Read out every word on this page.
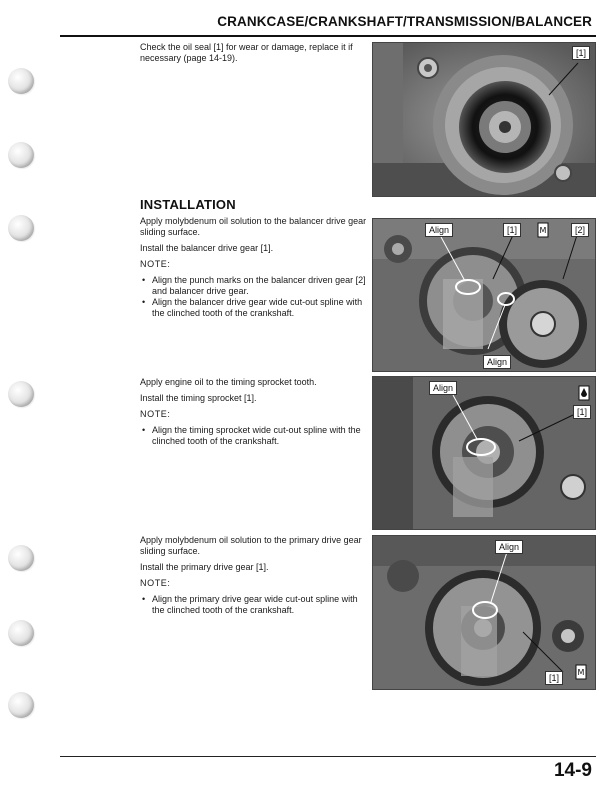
CRANKCASE/CRANKSHAFT/TRANSMISSION/BALANCER

Check the oil seal [1] for wear or damage, replace it if necessary (page 14-19).	[1]
INSTALLATION

Apply molybdenum oil solution to the balancer drive gear sliding surface.

Install the balancer drive gear [1].

NOTE:

• Align the punch marks on the balancer driven gear [2] and balancer drive gear.
• Align the balancer drive gear wide cut-out spline with the clinched tooth of the crankshaft.
Align	[1]	[2]
Align
M

Apply engine oil to the timing sprocket tooth.

Install the timing sprocket [1].

NOTE:

• Align the timing sprocket wide cut-out spline with the clinched tooth of the crankshaft.
Align
[1]

Apply molybdenum oil solution to the primary drive gear sliding surface.

Install the primary drive gear [1].

NOTE:

• Align the primary drive gear wide cut-out spline with the clinched tooth of the crankshaft.
Align
[1]
M
14-9
